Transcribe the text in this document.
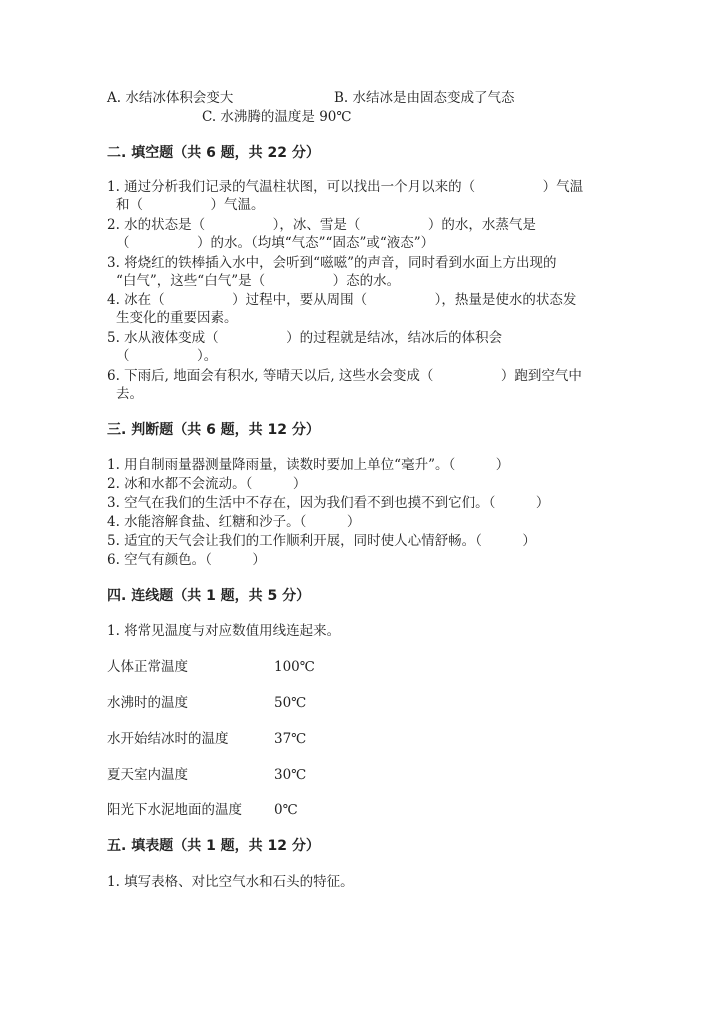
A. 水结冰体积会变大	B. 水结冰是由固态变成了气态
C. 水沸腾的温度是 90℃
二. 填空题（共 6 题，共 22 分）
1. 通过分析我们记录的气温柱状图，可以找出一个月以来的（　　　　　）气温
和（　　　　　）气温。
2. 水的状态是（　　　　　），冰、雪是（　　　　　）的水，水蒸气是
（　　　　　）的水。（均填“气态”“固态”或“液态”）
3. 将烧红的铁棒插入水中，会听到“嗞嗞”的声音，同时看到水面上方出现的
“白气”，这些“白气”是（　　　　　）态的水。
4. 冰在（　　　　　）过程中，要从周围（　　　　　），热量是使水的状态发
生变化的重要因素。
5. 水从液体变成（　　　　　）的过程就是结冰，结冰后的体积会
（　　　　　）。
6. 下雨后, 地面会有积水, 等晴天以后, 这些水会变成（　　　　　）跑到空气中
去。
三. 判断题（共 6 题，共 12 分）
1. 用自制雨量器测量降雨量，读数时要加上单位“毫升”。（　　　）
2. 冰和水都不会流动。（　　　）
3. 空气在我们的生活中不存在，因为我们看不到也摸不到它们。（　　　）
4. 水能溶解食盐、红糖和沙子。（　　　）
5. 适宜的天气会让我们的工作顺利开展，同时使人心情舒畅。（　　　）
6. 空气有颜色。（　　　）
四. 连线题（共 1 题，共 5 分）
1. 将常见温度与对应数值用线连起来。
人体正常温度	100℃
水沸时的温度	50℃
水开始结冰时的温度	37℃
夏天室内温度	30℃
阳光下水泥地面的温度 0℃
五. 填表题（共 1 题，共 12 分）
1. 填写表格、对比空气水和石头的特征。
